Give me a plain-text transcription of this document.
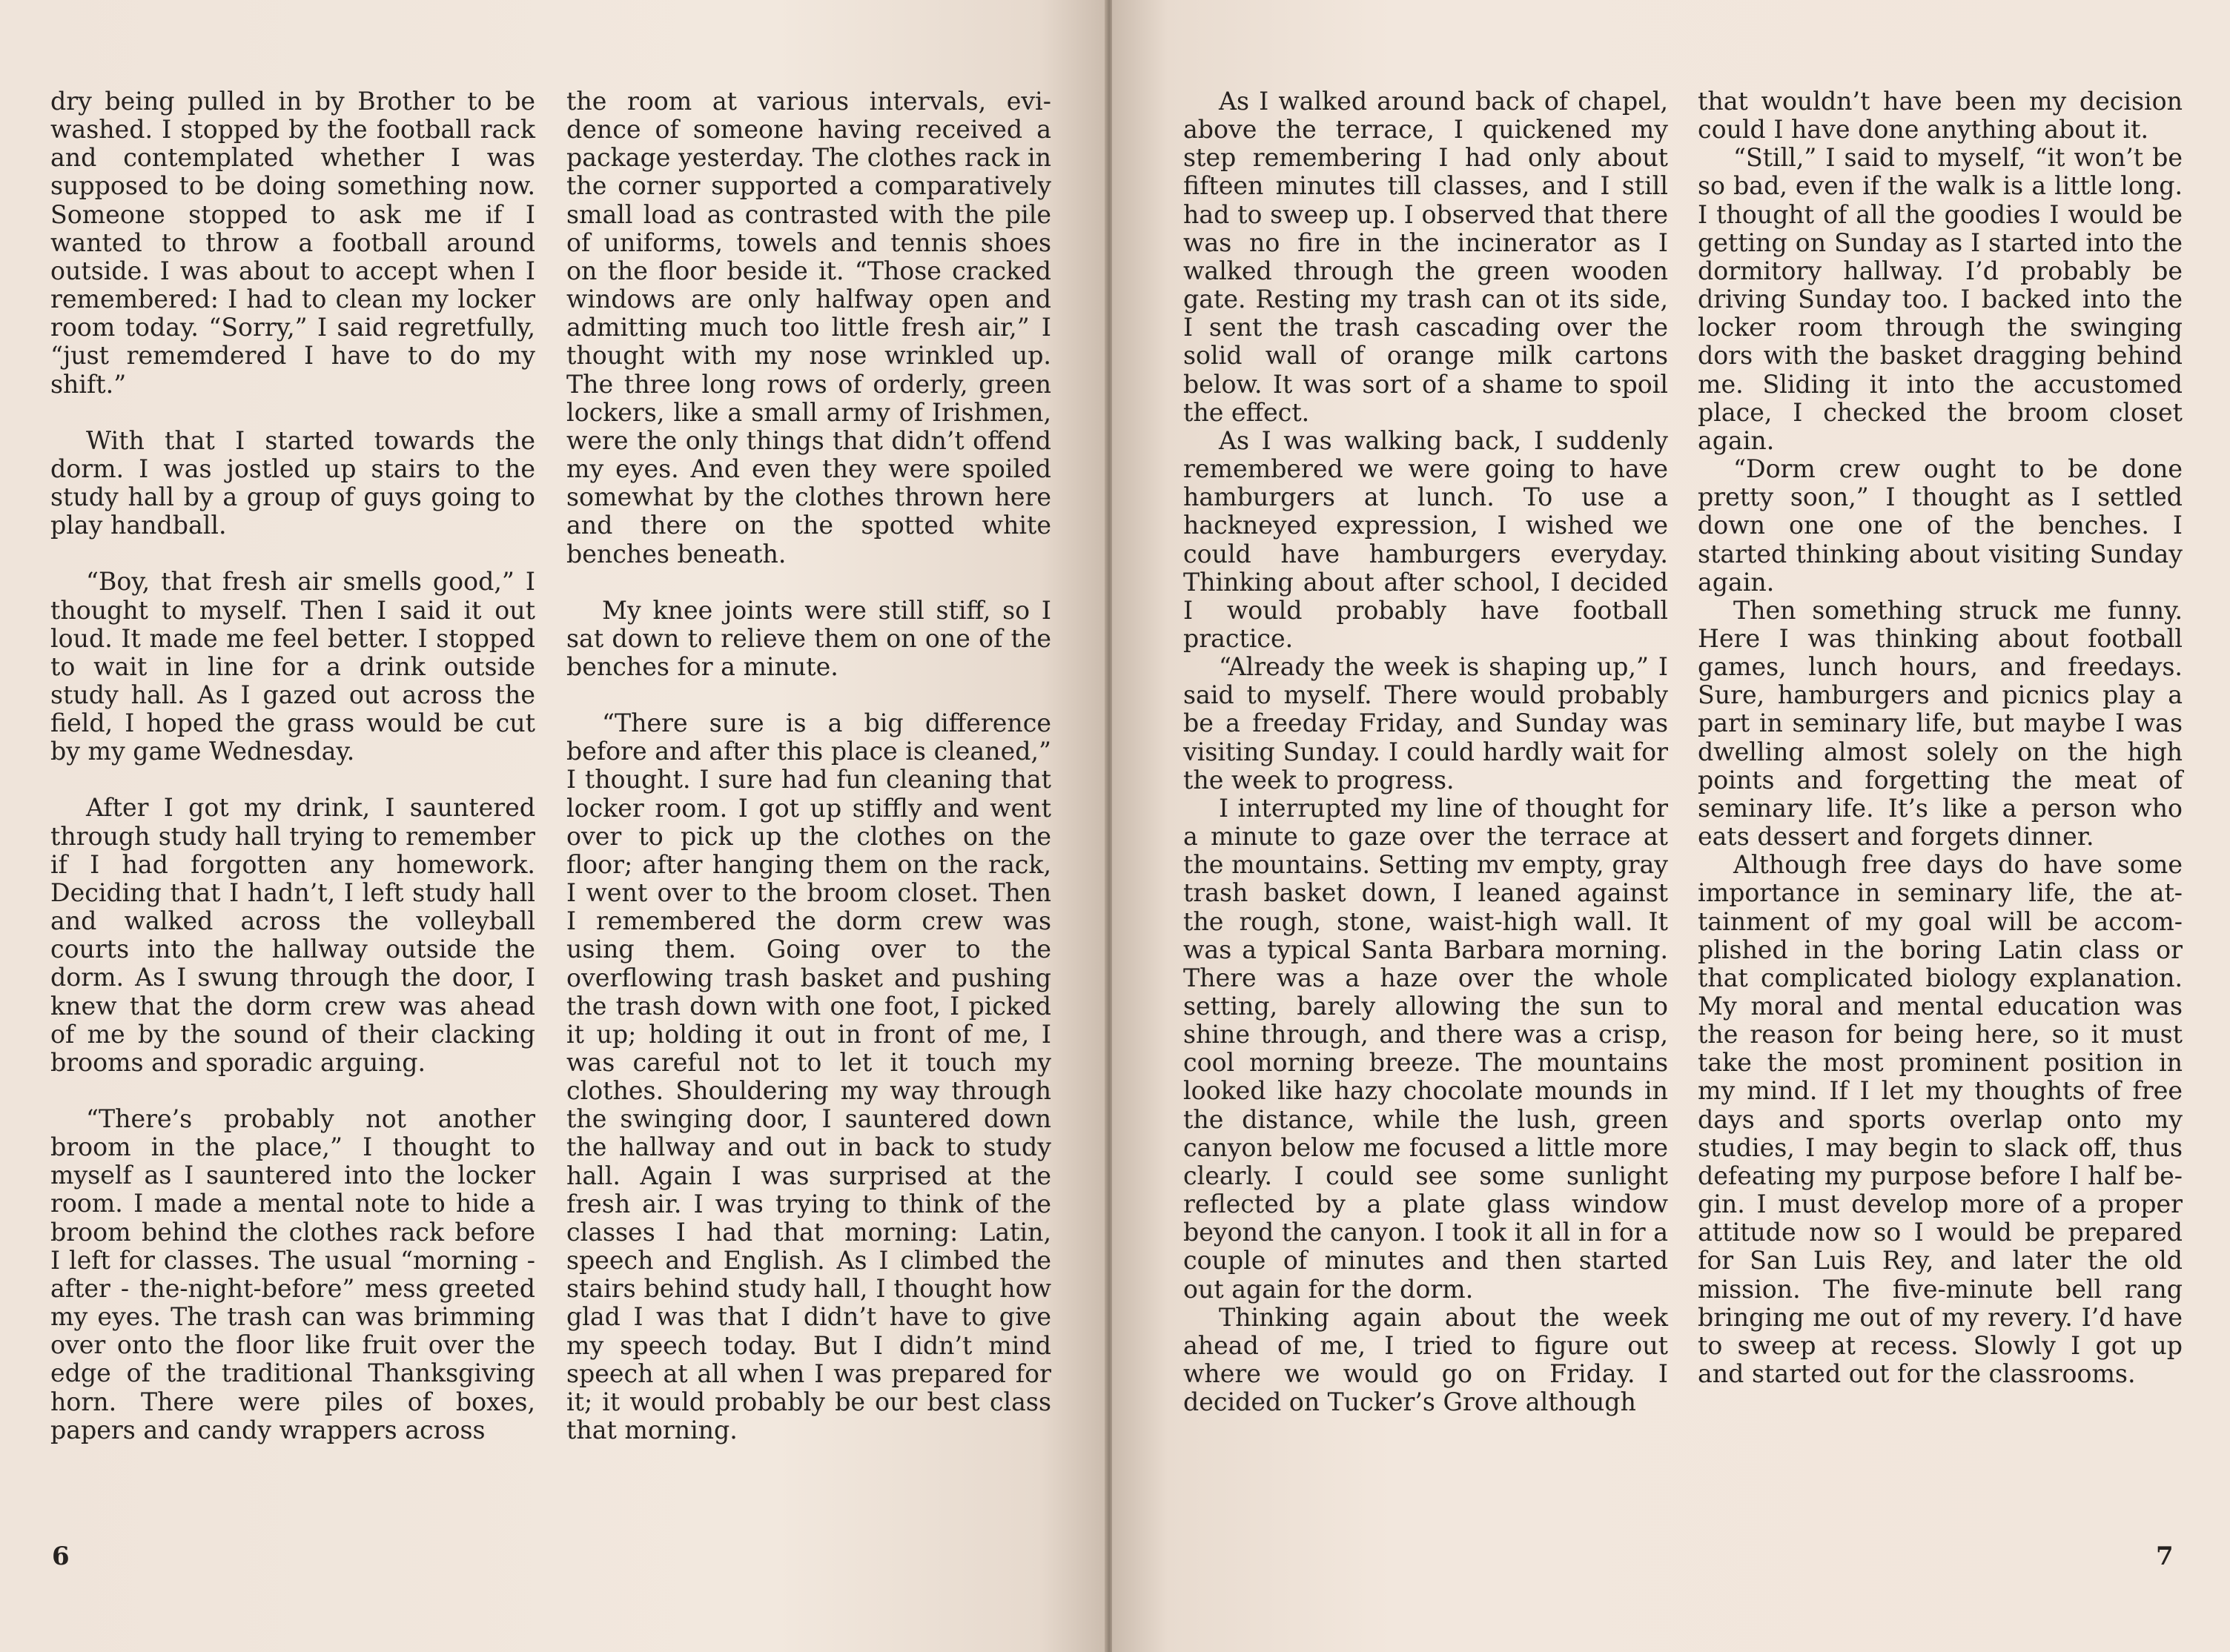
dry being pulled in by Brother to be washed. I stopped by the football rack and contemplated whether I was supposed to be doing something now. Someone stopped to ask me if I wanted to throw a football around outside. I was about to accept when I remembered: I had to clean my locker room today. “Sorry,” I said regretfully, “just rememdered I have to do my shift.”

With that I started towards the dorm. I was jostled up stairs to the study hall by a group of guys going to play handball.

“Boy, that fresh air smells good,” I thought to myself. Then I said it out loud. It made me feel better. I stopped to wait in line for a drink outside study hall. As I gazed out across the field, I hoped the grass would be cut by my game Wednesday.

After I got my drink, I sauntered through study hall trying to remember if I had forgotten any homework. Deciding that I hadn’t, I left study hall and walked across the volleyball courts into the hallway outside the dorm. As I swung through the door, I knew that the dorm crew was ahead of me by the sound of their clacking brooms and sporadic arguing.

“There’s probably not another broom in the place,” I thought to myself as I sauntered into the locker room. I made a mental note to hide a broom behind the clothes rack before I left for classes. The usual “morning - after - the-night-before” mess greeted my eyes. The trash can was brimming over onto the floor like fruit over the edge of the traditional Thanksgiving horn. There were piles of boxes, papers and candy wrappers across

the room at various intervals, evidence of someone having received a package yesterday. The clothes rack in the corner supported a comparatively small load as contrasted with the pile of uniforms, towels and tennis shoes on the floor beside it. “Those cracked windows are only halfway open and admitting much too little fresh air,” I thought with my nose wrinkled up. The three long rows of orderly, green lockers, like a small army of Irishmen, were the only things that didn’t offend my eyes. And even they were spoiled somewhat by the clothes thrown here and there on the spotted white benches beneath.

My knee joints were still stiff, so I sat down to relieve them on one of the benches for a minute.

“There sure is a big difference before and after this place is cleaned,” I thought. I sure had fun cleaning that locker room. I got up stiffly and went over to pick up the clothes on the floor; after hanging them on the rack, I went over to the broom closet. Then I remembered the dorm crew was using them. Going over to the overflowing trash basket and pushing the trash down with one foot, I picked it up; holding it out in front of me, I was careful not to let it touch my clothes. Shouldering my way through the swinging door, I sauntered down the hallway and out in back to study hall. Again I was surprised at the fresh air. I was trying to think of the classes I had that morning: Latin, speech and English. As I climbed the stairs behind study hall, I thought how glad I was that I didn’t have to give my speech today. But I didn’t mind speech at all when I was prepared for it; it would probably be our best class that morning.

6

As I walked around back of chapel, above the terrace, I quickened my step remembering I had only about fifteen minutes till classes, and I still had to sweep up. I observed that there was no fire in the incinerator as I walked through the green wooden gate. Resting my trash can ot its side, I sent the trash cascading over the solid wall of orange milk cartons below. It was sort of a shame to spoil the effect.

As I was walking back, I suddenly remembered we were going to have hamburgers at lunch. To use a hackneyed expression, I wished we could have hamburgers everyday. Thinking about after school, I decided I would probably have football practice.

“Already the week is shaping up,” I said to myself. There would probably be a freeday Friday, and Sunday was visiting Sunday. I could hardly wait for the week to progress.

I interrupted my line of thought for a minute to gaze over the terrace at the mountains. Setting mv empty, gray trash basket down, I leaned against the rough, stone, waist-high wall. It was a typical Santa Barbara morning. There was a haze over the whole setting, barely allowing the sun to shine through, and there was a crisp, cool morning breeze. The mountains looked like hazy chocolate mounds in the distance, while the lush, green canyon below me focused a little more clearly. I could see some sunlight reflected by a plate glass window beyond the canyon. I took it all in for a couple of minutes and then started out again for the dorm.

Thinking again about the week ahead of me, I tried to figure out where we would go on Friday. I decided on Tucker’s Grove although

that wouldn’t have been my decision could I have done anything about it.

“Still,” I said to myself, “it won’t be so bad, even if the walk is a little long. I thought of all the goodies I would be getting on Sunday as I started into the dormitory hallway. I’d probably be driving Sunday too. I backed into the locker room through the swinging dors with the basket dragging behind me. Sliding it into the accustomed place, I checked the broom closet again.

“Dorm crew ought to be done pretty soon,” I thought as I settled down one one of the benches. I started thinking about visiting Sunday again.

Then something struck me funny. Here I was thinking about football games, lunch hours, and freedays. Sure, hamburgers and picnics play a part in seminary life, but maybe I was dwelling almost solely on the high points and forgetting the meat of seminary life. It’s like a person who eats dessert and forgets dinner.

Although free days do have some importance in seminary life, the attainment of my goal will be accomplished in the boring Latin class or that complicated biology explanation. My moral and mental education was the reason for being here, so it must take the most prominent position in my mind. If I let my thoughts of free days and sports overlap onto my studies, I may begin to slack off, thus defeating my purpose before I half begin. I must develop more of a proper attitude now so I would be prepared for San Luis Rey, and later the old mission. The five-minute bell rang bringing me out of my revery. I’d have to sweep at recess. Slowly I got up and started out for the classrooms.

7
